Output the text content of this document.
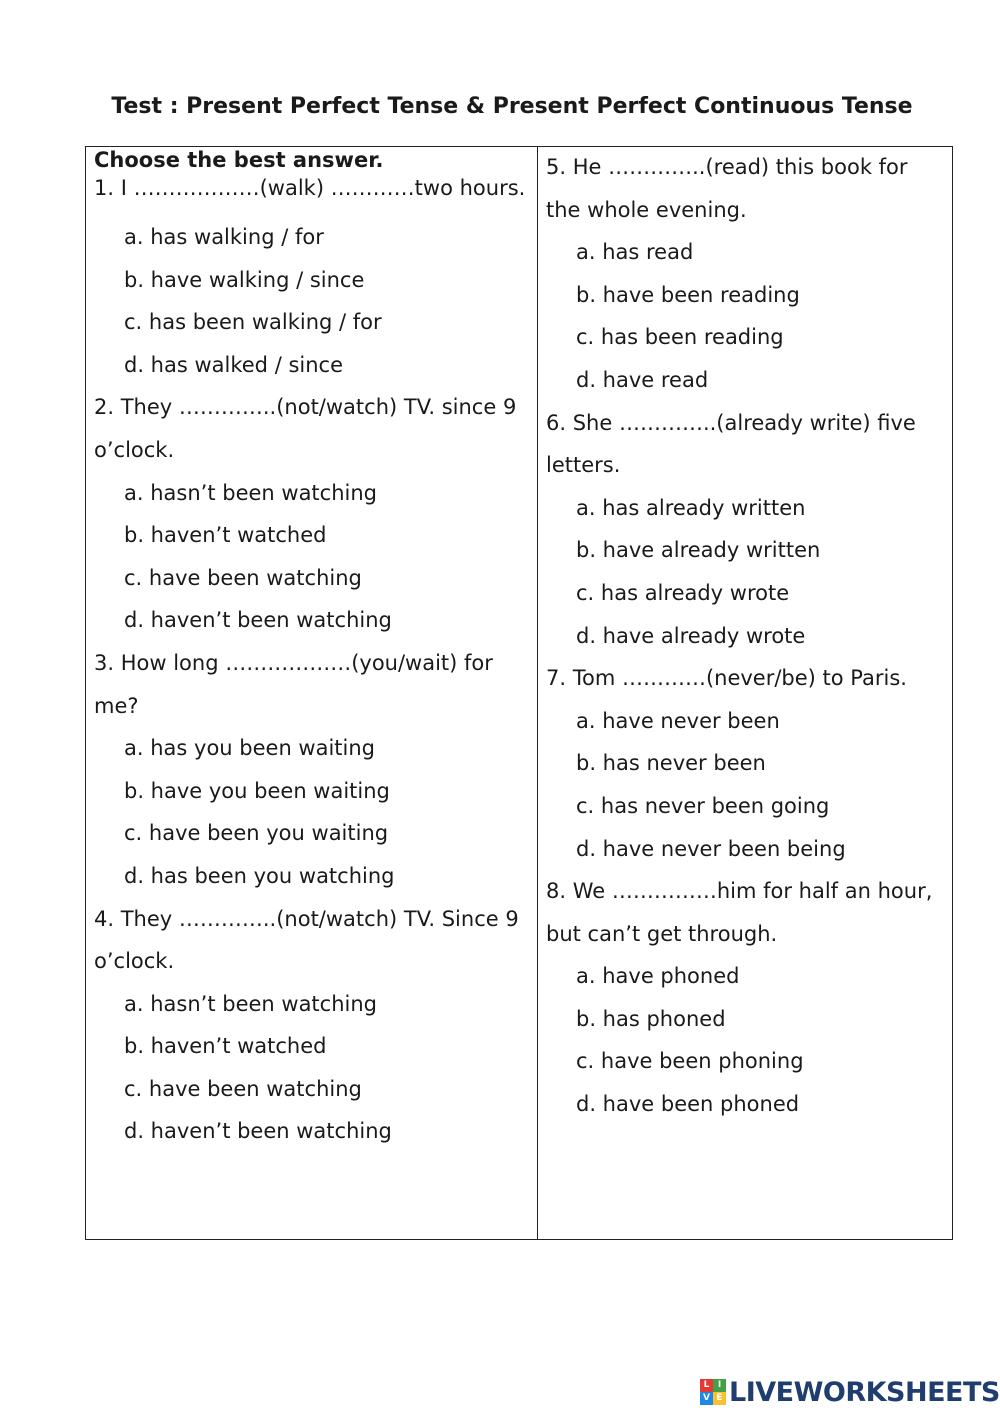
Test : Present Perfect Tense & Present Perfect Continuous Tense
Choose the best answer.
1. I ………………(walk) …………two hours.
a. has walking / for
b. have walking / since
c. has been walking / for
d. has walked / since
2. They …………..(not/watch) TV. since 9 o’clock.
a. hasn’t been watching
b. haven’t watched
c. have been watching
d. haven’t been watching
3. How long ………………(you/wait) for me?
a. has you been waiting
b. have you been waiting
c. have been you waiting
d. has been you watching
4. They …………..(not/watch) TV. Since 9 o’clock.
a. hasn’t been watching
b. haven’t watched
c. have been watching
d. haven’t been watching
5. He …………..(read) this book for the whole evening.
a. has read
b. have been reading
c. has been reading
d. have read
6. She …………..(already write) five letters.
a. has already written
b. have already written
c. has already wrote
d. have already wrote
7. Tom …………(never/be) to Paris.
a. have never been
b. has never been
c. has never been going
d. have never been being
8. We ……………him for half an hour, but can’t get through.
a. have phoned
b. has phoned
c. have been phoning
d. have been phoned
L I
V E LIVEWORKSHEETS
